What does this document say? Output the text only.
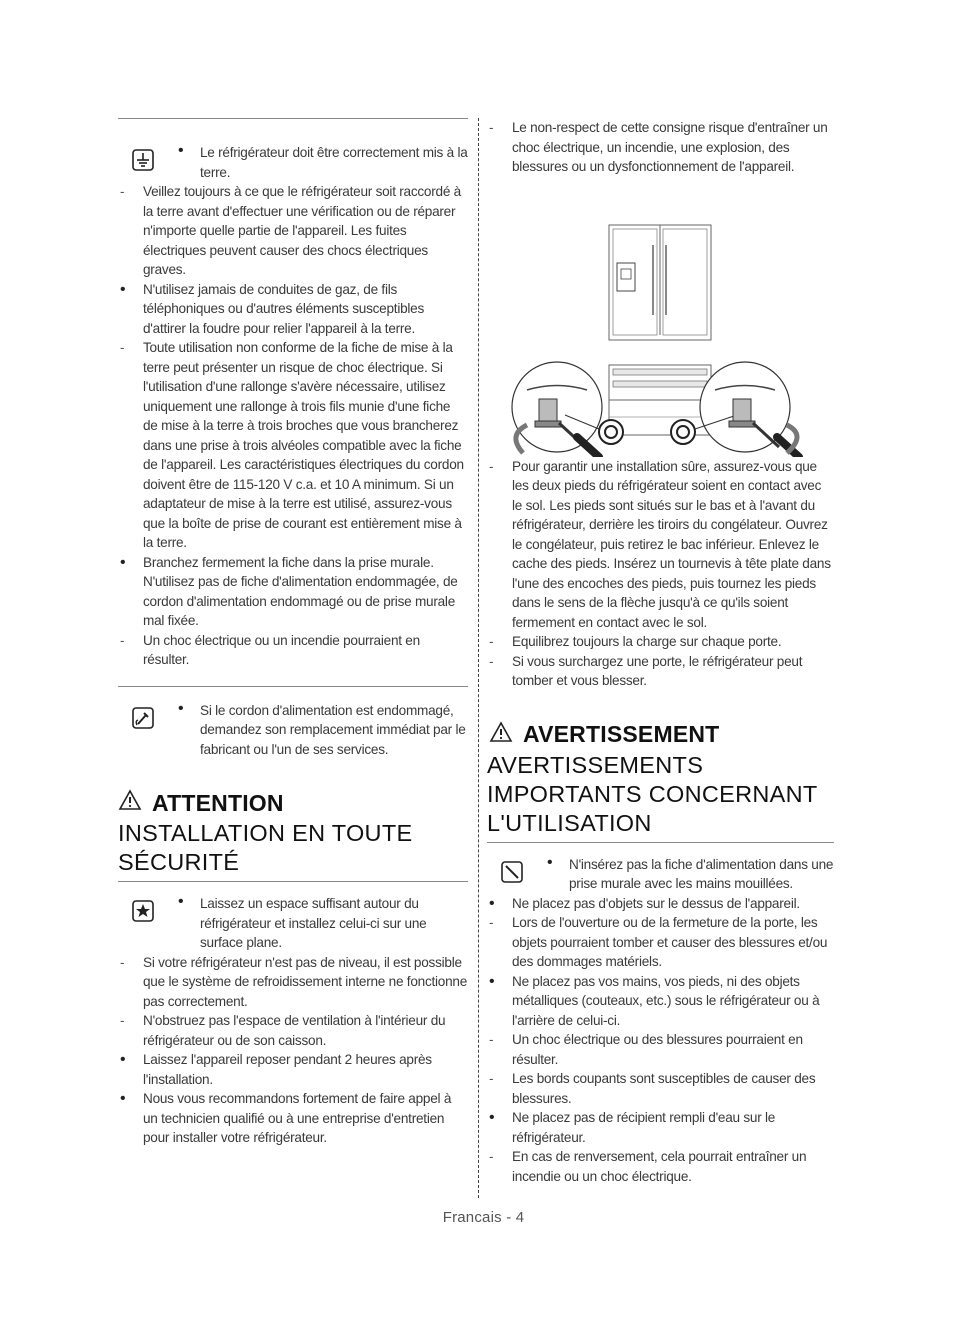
• Le réfrigérateur doit être correctement mis à la terre.
-	Veillez toujours à ce que le réfrigérateur soit raccordé à la terre avant d'effectuer une vérification ou de réparer n'importe quelle partie de l'appareil. Les fuites électriques peuvent causer des chocs électriques graves.
•	N'utilisez jamais de conduites de gaz, de fils téléphoniques ou d'autres éléments susceptibles d'attirer la foudre pour relier l'appareil à la terre.
-	Toute utilisation non conforme de la fiche de mise à la terre peut présenter un risque de choc électrique. Si l'utilisation d'une rallonge s'avère nécessaire, utilisez uniquement une rallonge à trois fils munie d'une fiche de mise à la terre à trois broches que vous brancherez dans une prise à trois alvéoles compatible avec la fiche de l'appareil. Les caractéristiques électriques du cordon doivent être de 115-120 V c.a. et 10 A minimum. Si un adaptateur de mise à la terre est utilisé, assurez-vous que la boîte de prise de courant est entièrement mise à la terre.
•	Branchez fermement la fiche dans la prise murale. N'utilisez pas de fiche d'alimentation endommagée, de cordon d'alimentation endommagé ou de prise murale mal fixée.
-	Un choc électrique ou un incendie pourraient en résulter.
• Si le cordon d'alimentation est endommagé, demandez son remplacement immédiat par le fabricant ou l'un de ses services.
ATTENTION
INSTALLATION EN TOUTE SÉCURITÉ
• Laissez un espace suffisant autour du réfrigérateur et installez celui-ci sur une surface plane.
-	Si votre réfrigérateur n'est pas de niveau, il est possible que le système de refroidissement interne ne fonctionne pas correctement.
-	N'obstruez pas l'espace de ventilation à l'intérieur du réfrigérateur ou de son caisson.
•	Laissez l'appareil reposer pendant 2 heures après l'installation.
•	Nous vous recommandons fortement de faire appel à un technicien qualifié ou à une entreprise d'entretien pour installer votre réfrigérateur.
-	Le non-respect de cette consigne risque d'entraîner un choc électrique, un incendie, une explosion, des blessures ou un dysfonctionnement de l'appareil.
-	Pour garantir une installation sûre, assurez-vous que les deux pieds du réfrigérateur soient en contact avec le sol. Les pieds sont situés sur le bas et à l'avant du réfrigérateur, derrière les tiroirs du congélateur. Ouvrez le congélateur, puis retirez le bac inférieur. Enlevez le cache des pieds. Insérez un tournevis à tête plate dans l'une des encoches des pieds, puis tournez les pieds dans le sens de la flèche jusqu'à ce qu'ils soient fermement en contact avec le sol.
-	Equilibrez toujours la charge sur chaque porte.
-	Si vous surchargez une porte, le réfrigérateur peut tomber et vous blesser.
AVERTISSEMENT
AVERTISSEMENTS IMPORTANTS CONCERNANT L'UTILISATION
• N'insérez pas la fiche d'alimentation dans une prise murale avec les mains mouillées.
•	Ne placez pas d'objets sur le dessus de l'appareil.
-	Lors de l'ouverture ou de la fermeture de la porte, les objets pourraient tomber et causer des blessures et/ou des dommages matériels.
•	Ne placez pas vos mains, vos pieds, ni des objets métalliques (couteaux, etc.) sous le réfrigérateur ou à l'arrière de celui-ci.
-	Un choc électrique ou des blessures pourraient en résulter.
-	Les bords coupants sont susceptibles de causer des blessures.
•	Ne placez pas de récipient rempli d'eau sur le réfrigérateur.
-	En cas de renversement, cela pourrait entraîner un incendie ou un choc électrique.
Francais - 4
